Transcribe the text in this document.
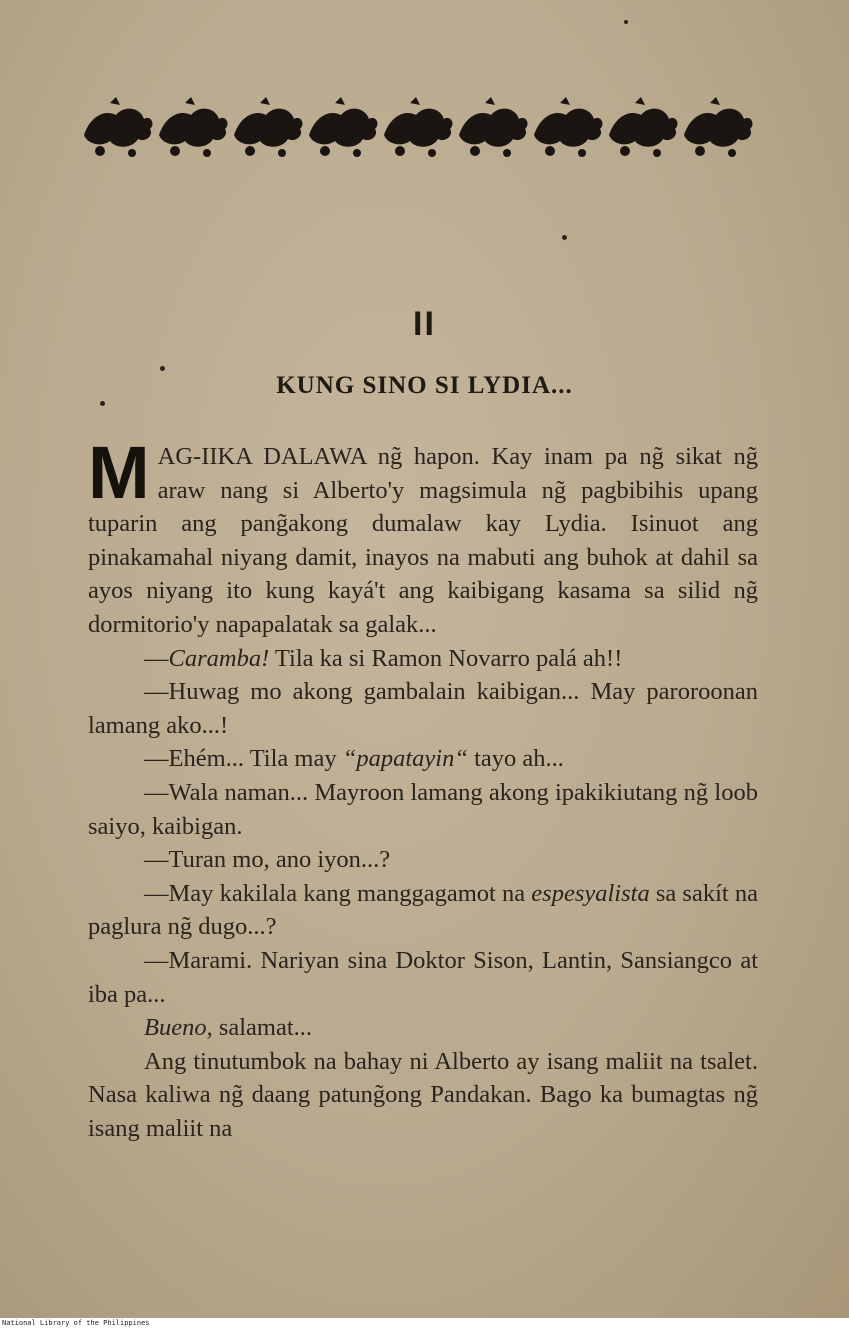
II
KUNG SINO SI LYDIA...

M AG-IIKA DALAWA ng̃ hapon. Kay inam pa ng̃ sikat ng̃ araw nang si Alberto'y magsimula ng̃ pagbibihis upang tuparin ang pang̃akong dumalaw kay Lydia. Isinuot ang pinakamahal niyang damit, inayos na mabuti ang buhok at dahil sa ayos niyang ito kung kayá't ang kaibigang kasama sa silid ng̃ dormitorio'y napapalatak sa galak...

—Caramba! Tila ka si Ramon Novarro palá ah!!

—Huwag mo akong gambalain kaibigan... May paroroonan lamang ako...!

—Ehém... Tila may “papatayin“ tayo ah...

—Wala naman... Mayroon lamang akong ipakikiutang ng̃ loob saiyo, kaibigan.

—Turan mo, ano iyon...?

—May kakilala kang manggagamot na espesyalista sa sakít na paglura ng̃ dugo...?

—Marami. Nariyan sina Doktor Sison, Lantin, Sansiangco at iba pa...

Bueno, salamat...

Ang tinutumbok na bahay ni Alberto ay isang maliit na tsalet. Nasa kaliwa ng̃ daang patung̃ong Pandakan. Bago ka bumagtas ng̃ isang maliit na

National Library of the Philippines
